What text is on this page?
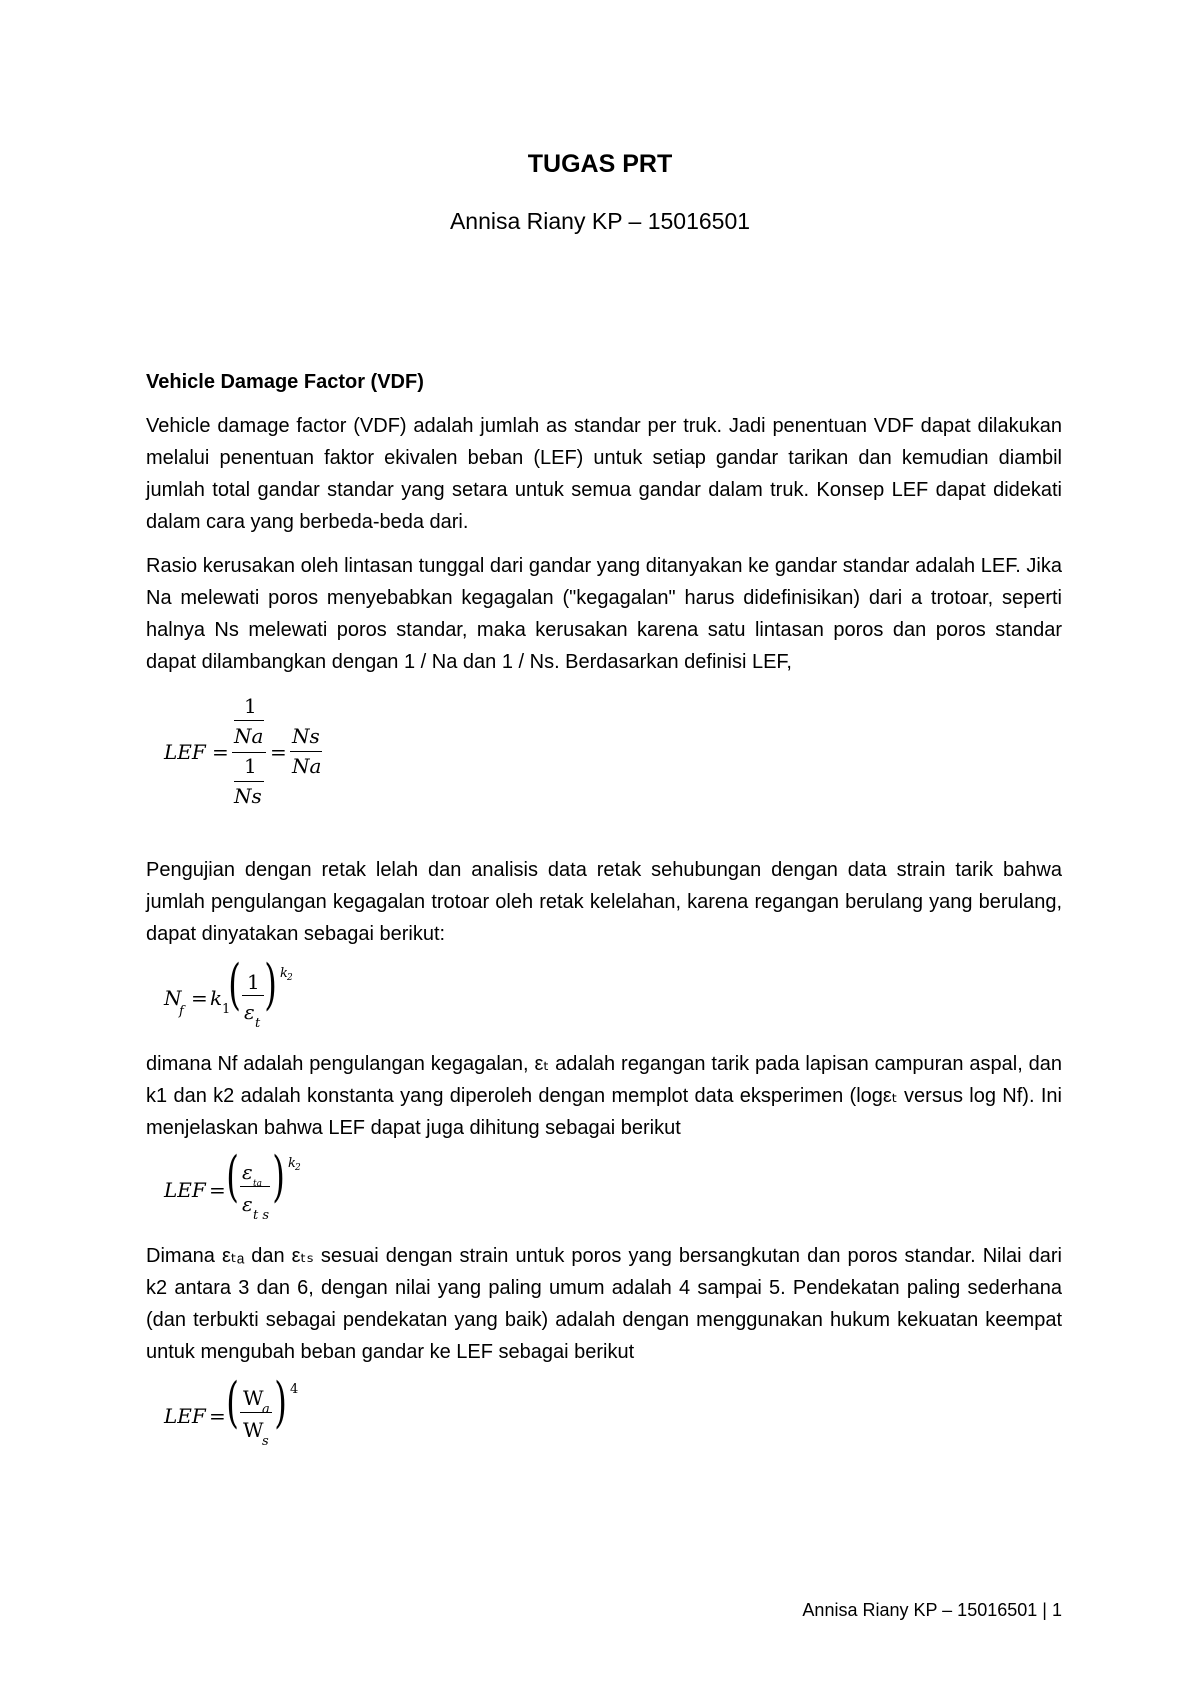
TUGAS PRT
Annisa Riany KP – 15016501
Vehicle Damage Factor (VDF)

Vehicle damage factor (VDF) adalah jumlah as standar per truk. Jadi penentuan VDF dapat dilakukan melalui penentuan faktor ekivalen beban (LEF) untuk setiap gandar tarikan dan kemudian diambil jumlah total gandar standar yang setara untuk semua gandar dalam truk. Konsep LEF dapat didekati dalam cara yang berbeda-beda dari.

Rasio kerusakan oleh lintasan tunggal dari gandar yang ditanyakan ke gandar standar adalah LEF. Jika Na melewati poros menyebabkan kegagalan ("kegagalan" harus didefinisikan) dari a trotoar, seperti halnya Ns melewati poros standar, maka kerusakan karena satu lintasan poros dan poros standar dapat dilambangkan dengan 1 / Na dan 1 / Ns. Berdasarkan definisi LEF,

LEF =
1
Na
1
Ns
=
Ns
Na

Pengujian dengan retak lelah dan analisis data retak sehubungan dengan data strain tarik bahwa jumlah pengulangan kegagalan trotoar oleh retak kelelahan, karena regangan berulang yang berulang, dapat dinyatakan sebagai berikut:

N
f
= k 1
( 1
ε t
) k 2

dimana Nf adalah pengulangan kegagalan, εₜ adalah regangan tarik pada lapisan campuran aspal, dan k1 dan k2 adalah konstanta yang diperoleh dengan memplot data eksperimen (logεₜ versus log Nf). Ini menjelaskan bahwa LEF dapat juga dihitung sebagai berikut

LEF = ( ε ta
ε t s
) k 2

Dimana εₜₐ dan εₜₛ sesuai dengan strain untuk poros yang bersangkutan dan poros standar. Nilai dari k2 antara 3 dan 6, dengan nilai yang paling umum adalah 4 sampai 5. Pendekatan paling sederhana (dan terbukti sebagai pendekatan yang baik) adalah dengan menggunakan hukum kekuatan keempat untuk mengubah beban gandar ke LEF sebagai berikut

LEF = ( W
a
W
s
) 4
Annisa Riany KP – 15016501 | 1
